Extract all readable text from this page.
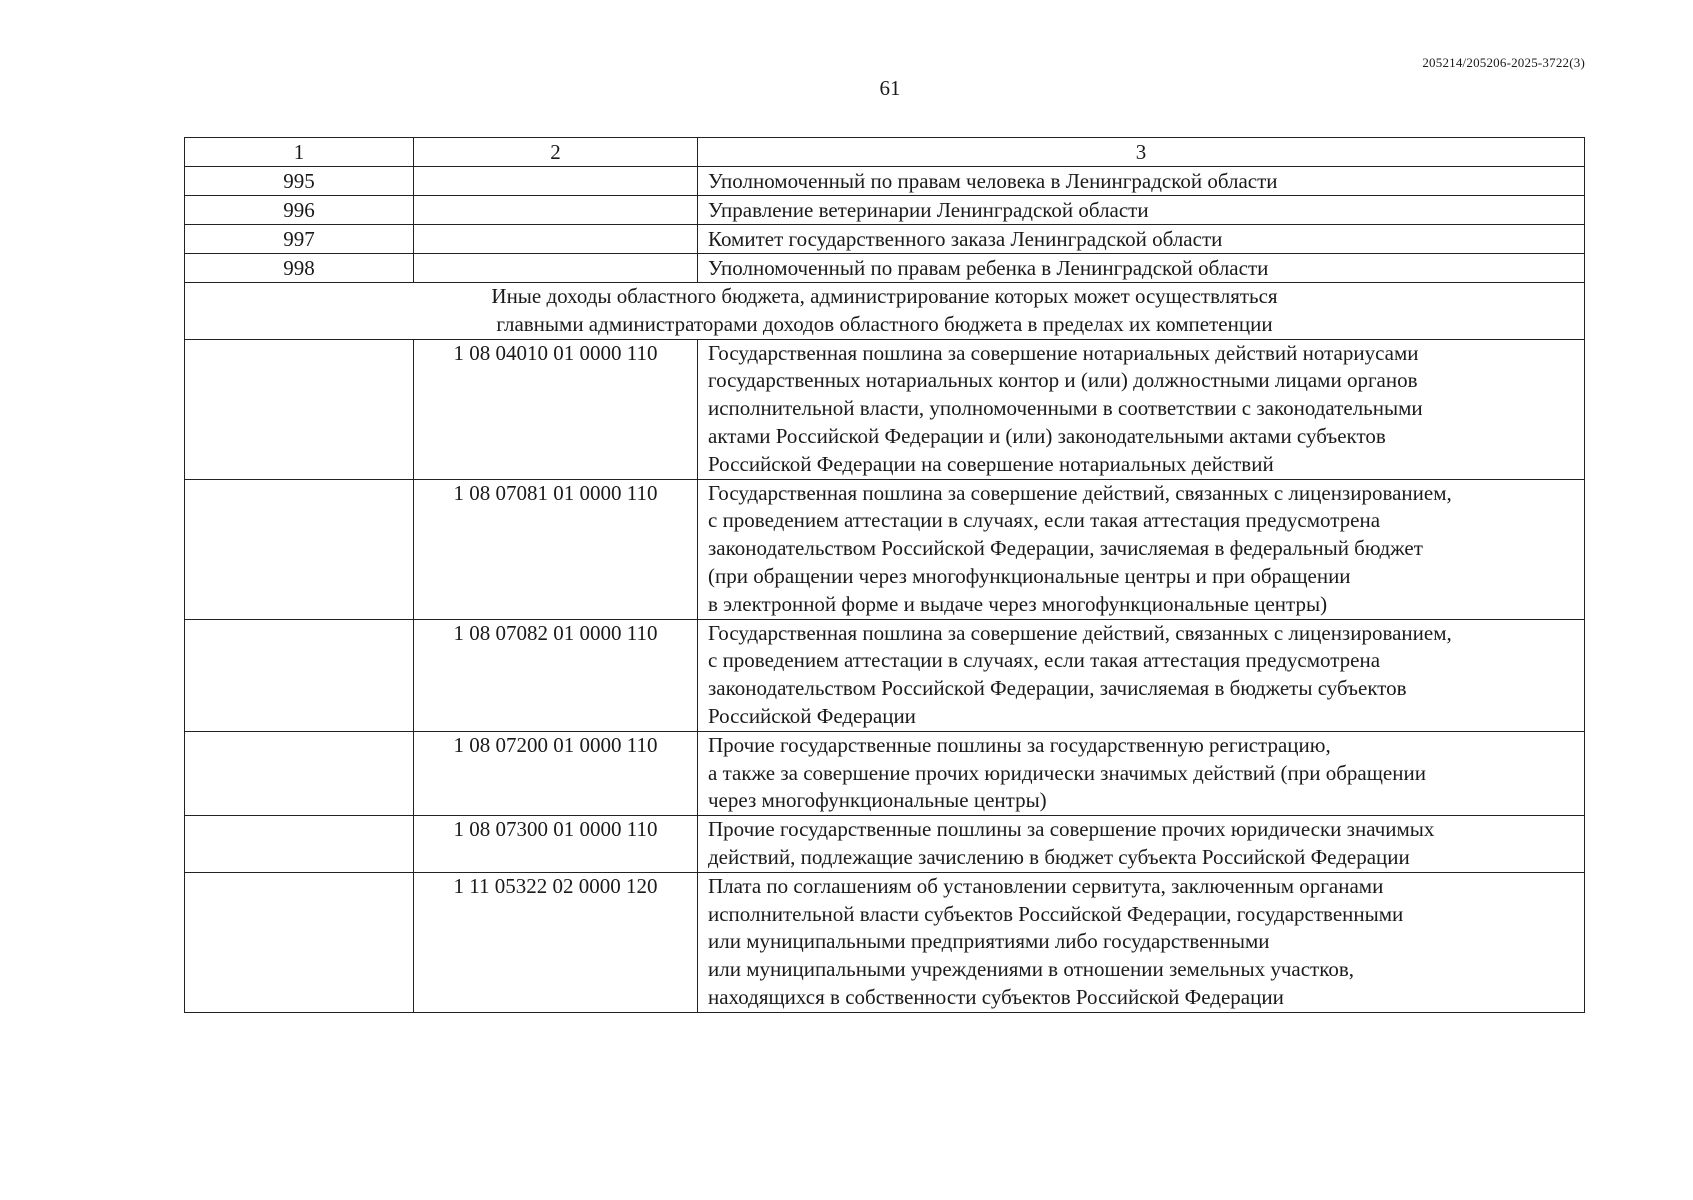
205214/205206-2025-3722(3)
61
1	2	3
995		Уполномоченный по правам человека в Ленинградской области
996		Управление ветеринарии Ленинградской области
997		Комитет государственного заказа Ленинградской области
998		Уполномоченный по правам ребенка в Ленинградской области

Иные доходы областного бюджета, администрирование которых может осуществляться
главными администраторами доходов областного бюджета в пределах их компетенции		

	1 08 04010 01 0000 110	Государственная пошлина за совершение нотариальных действий нотариусами
государственных нотариальных контор и (или) должностными лицами органов
исполнительной власти, уполномоченными в соответствии с законодательными
актами Российской Федерации и (или) законодательными актами субъектов
Российской Федерации на совершение нотариальных действий

	1 08 07081 01 0000 110	Государственная пошлина за совершение действий, связанных с лицензированием,
с проведением аттестации в случаях, если такая аттестация предусмотрена
законодательством Российской Федерации, зачисляемая в федеральный бюджет
(при обращении через многофункциональные центры и при обращении
в электронной форме и выдаче через многофункциональные центры)

	1 08 07082 01 0000 110	Государственная пошлина за совершение действий, связанных с лицензированием,
с проведением аттестации в случаях, если такая аттестация предусмотрена
законодательством Российской Федерации, зачисляемая в бюджеты субъектов
Российской Федерации

	1 08 07200 01 0000 110	Прочие государственные пошлины за государственную регистрацию,
а также за совершение прочих юридически значимых действий (при обращении
через многофункциональные центры)

	1 08 07300 01 0000 110	Прочие государственные пошлины за совершение прочих юридически значимых
действий, подлежащие зачислению в бюджет субъекта Российской Федерации

	1 11 05322 02 0000 120	Плата по соглашениям об установлении сервитута, заключенным органами
исполнительной власти субъектов Российской Федерации, государственными
или муниципальными предприятиями либо государственными
или муниципальными учреждениями в отношении земельных участков,
находящихся в собственности субъектов Российской Федерации
